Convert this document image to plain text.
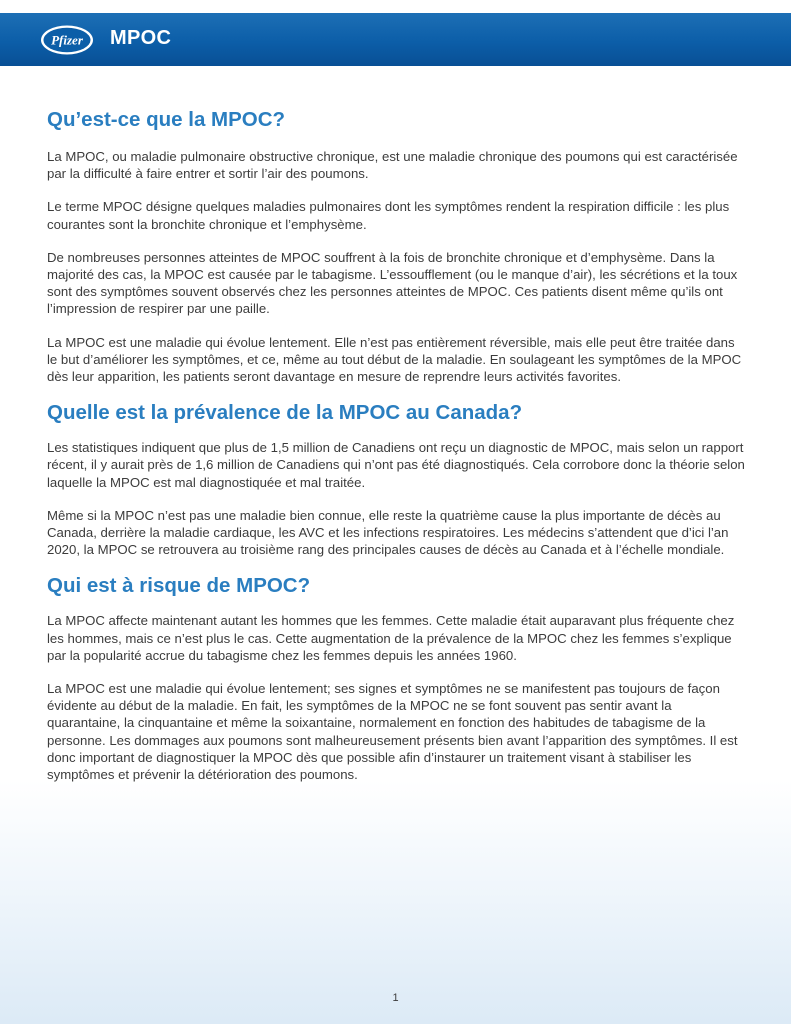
Pfizer MPOC
Qu’est-ce que la MPOC?

La MPOC, ou maladie pulmonaire obstructive chronique, est une maladie chronique des poumons qui est caractérisée par la difficulté à faire entrer et sortir l’air des poumons.

Le terme MPOC désigne quelques maladies pulmonaires dont les symptômes rendent la respiration difficile : les plus courantes sont la bronchite chronique et l’emphysème.

De nombreuses personnes atteintes de MPOC souffrent à la fois de bronchite chronique et d’emphysème. Dans la majorité des cas, la MPOC est causée par le tabagisme. L’essoufflement (ou le manque d’air), les sécrétions et la toux sont des symptômes souvent observés chez les personnes atteintes de MPOC. Ces patients disent même qu’ils ont l’impression de respirer par une paille.

La MPOC est une maladie qui évolue lentement. Elle n’est pas entièrement réversible, mais elle peut être traitée dans le but d’améliorer les symptômes, et ce, même au tout début de la maladie. En soulageant les symptômes de la MPOC dès leur apparition, les patients seront davantage en mesure de reprendre leurs activités favorites.

Quelle est la prévalence de la MPOC au Canada?

Les statistiques indiquent que plus de 1,5 million de Canadiens ont reçu un diagnostic de MPOC, mais selon un rapport récent, il y aurait près de 1,6 million de Canadiens qui n’ont pas été diagnostiqués. Cela corrobore donc la théorie selon laquelle la MPOC est mal diagnostiquée et mal traitée.

Même si la MPOC n’est pas une maladie bien connue, elle reste la quatrième cause la plus importante de décès au Canada, derrière la maladie cardiaque, les AVC et les infections respiratoires. Les médecins s’attendent que d’ici l’an 2020, la MPOC se retrouvera au troisième rang des principales causes de décès au Canada et à l’échelle mondiale.

Qui est à risque de MPOC?

La MPOC affecte maintenant autant les hommes que les femmes. Cette maladie était auparavant plus fréquente chez les hommes, mais ce n’est plus le cas. Cette augmentation de la prévalence de la MPOC chez les femmes s’explique par la popularité accrue du tabagisme chez les femmes depuis les années 1960.

La MPOC est une maladie qui évolue lentement; ses signes et symptômes ne se manifestent pas toujours de façon évidente au début de la maladie. En fait, les symptômes de la MPOC ne se font souvent pas sentir avant la quarantaine, la cinquantaine et même la soixantaine, normalement en fonction des habitudes de tabagisme de la personne. Les dommages aux poumons sont malheureusement présents bien avant l’apparition des symptômes. Il est donc important de diagnostiquer la MPOC dès que possible afin d’instaurer un traitement visant à stabiliser les symptômes et prévenir la détérioration des poumons.

1
